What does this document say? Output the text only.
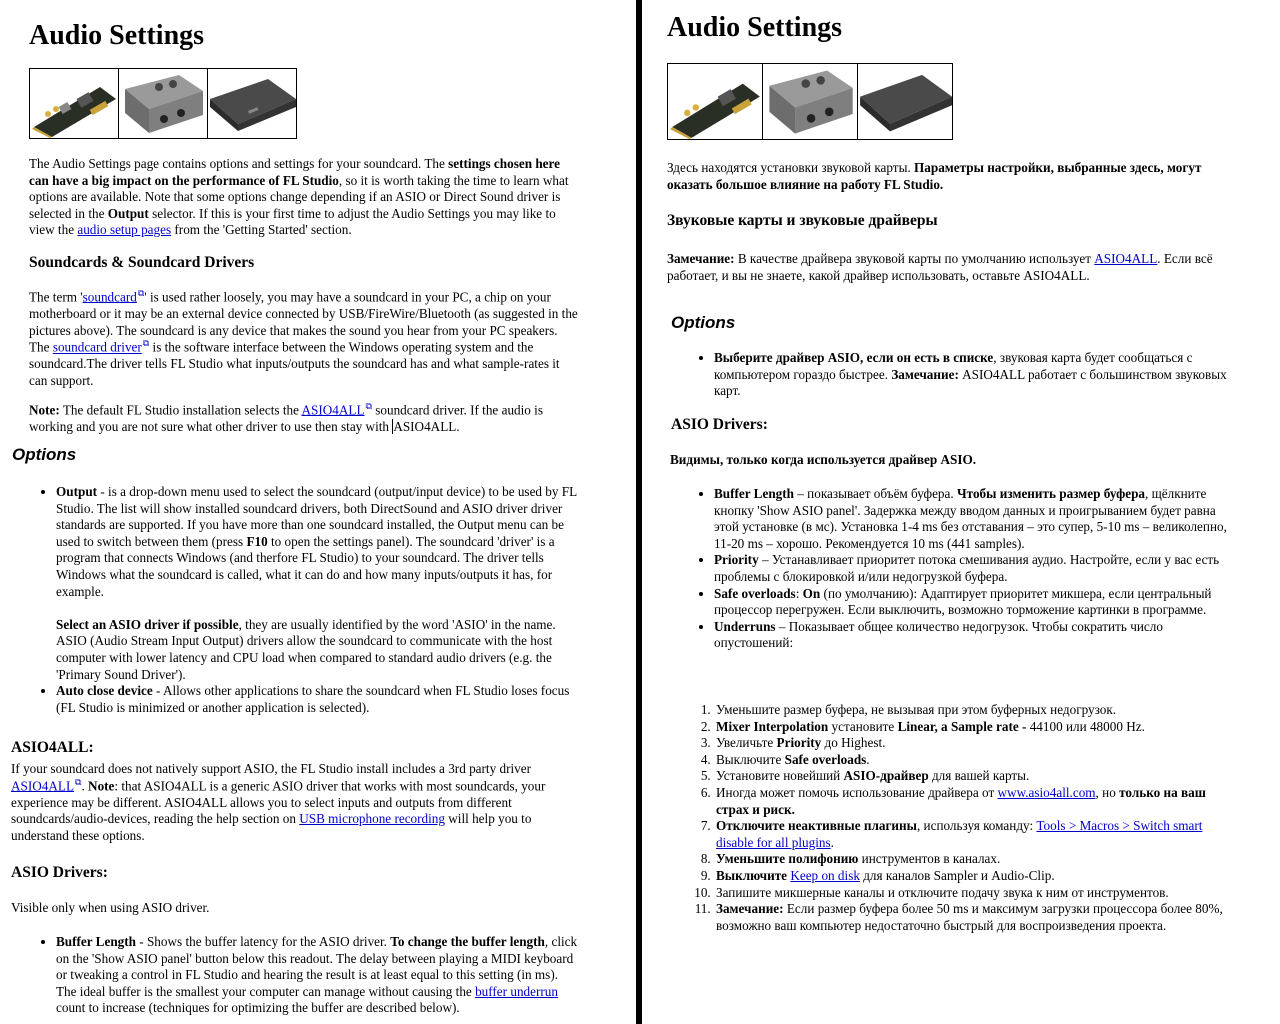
Audio Settings

The Audio Settings page contains options and settings for your soundcard. The settings chosen here can have a big impact on the performance of FL Studio, so it is worth taking the time to learn what options are available. Note that some options change depending if an ASIO or Direct Sound driver is selected in the Output selector. If this is your first time to adjust the Audio Settings you may like to view the audio setup pages from the 'Getting Started' section.

Soundcards & Soundcard Drivers

The term 'soundcard⧉' is used rather loosely, you may have a soundcard in your PC, a chip on your motherboard or it may be an external device connected by USB/FireWire/Bluetooth (as suggested in the pictures above). The soundcard is any device that makes the sound you hear from your PC speakers. The soundcard driver⧉ is the software interface between the Windows operating system and the soundcard.The driver tells FL Studio what inputs/outputs the soundcard has and what sample-rates it can support.

Note: The default FL Studio installation selects the ASIO4ALL⧉ soundcard driver. If the audio is working and you are not sure what other driver to use then stay with ASIO4ALL.

Options
• Output - is a drop-down menu used to select the soundcard (output/input device) to be used by FL Studio. The list will show installed soundcard drivers, both DirectSound and ASIO driver driver standards are supported. If you have more than one soundcard installed, the Output menu can be used to switch between them (press F10 to open the settings panel). The soundcard 'driver' is a program that connects Windows (and therfore FL Studio) to your soundcard. The driver tells Windows what the soundcard is called, what it can do and how many inputs/outputs it has, for example.

Select an ASIO driver if possible, they are usually identified by the word 'ASIO' in the name. ASIO (Audio Stream Input Output) drivers allow the soundcard to communicate with the host computer with lower latency and CPU load when compared to standard audio drivers (e.g. the 'Primary Sound Driver').
• Auto close device - Allows other applications to share the soundcard when FL Studio loses focus (FL Studio is minimized or another application is selected).
ASIO4ALL:

If your soundcard does not natively support ASIO, the FL Studio install includes a 3rd party driver ASIO4ALL⧉. Note: that ASIO4ALL is a generic ASIO driver that works with most soundcards, your experience may be different. ASIO4ALL allows you to select inputs and outputs from different soundcards/audio-devices, reading the help section on USB microphone recording will help you to understand these options.

ASIO Drivers:

Visible only when using ASIO driver.

• Buffer Length - Shows the buffer latency for the ASIO driver. To change the buffer length, click on the 'Show ASIO panel' button below this readout. The delay between playing a MIDI keyboard or tweaking a control in FL Studio and hearing the result is at least equal to this setting (in ms). The ideal buffer is the smallest your computer can manage without causing the buffer underrun count to increase (techniques for optimizing the buffer are described below).
Audio Settings

Здесь находятся установки звуковой карты. Параметры настройки, выбранные здесь, могут оказать большое влияние на работу FL Studio.

Звуковые карты и звуковые драйверы

Замечание: В качестве драйвера звуковой карты по умолчанию использует ASIO4ALL. Если всё работает, и вы не знаете, какой драйвер использовать, оставьте ASIO4ALL.

Options
• Выберите драйвер ASIO, если он есть в списке, звуковая карта будет сообщаться с компьютером гораздо быстрее. Замечание: ASIO4ALL работает с большинством звуковых карт.
ASIO Drivers:

Видимы, только когда используется драйвер ASIO.

• Buffer Length – показывает объём буфера. Чтобы изменить размер буфера, щёлкните кнопку 'Show ASIO panel'. Задержка между вводом данных и проигрыванием будет равна этой установке (в мс). Установка 1-4 ms без отставания – это супер, 5-10 ms – великолепно, 11-20 ms – хорошо. Рекомендуется 10 ms (441 samples).
• Priority – Устанавливает приоритет потока смешивания аудио. Настройте, если у вас есть проблемы с блокировкой и/или недогрузкой буфера.
• Safe overloads: On (по умолчанию): Адаптирует приоритет микшера, если центральный процессор перегружен. Если выключить, возможно торможение картинки в программе.
• Underruns – Показывает общее количество недогрузок. Чтобы сократить число опустошений:
1. Уменьшите размер буфера, не вызывая при этом буферных недогрузок.
2. Mixer Interpolation установите Linear, a Sample rate - 44100 или 48000 Hz.
3. Увеличьте Priority до Highest.
4. Выключите Safe overloads.
5. Установите новейший ASIO-драйвер для вашей карты.
6. Иногда может помочь использование драйвера от www.asio4all.com, но только на ваш страх и риск.
7. Отключите неактивные плагины, используя команду: Tools > Macros > Switch smart disable for all plugins.
8. Уменьшите полифонию инструментов в каналах.
9. Выключите Keep on disk для каналов Sampler и Audio-Clip.
10. Запишите микшерные каналы и отключите подачу звука к ним от инструментов.
11. Замечание: Если размер буфера более 50 ms и максимум загрузки процессора более 80%, возможно ваш компьютер недостаточно быстрый для воспроизведения проекта.
